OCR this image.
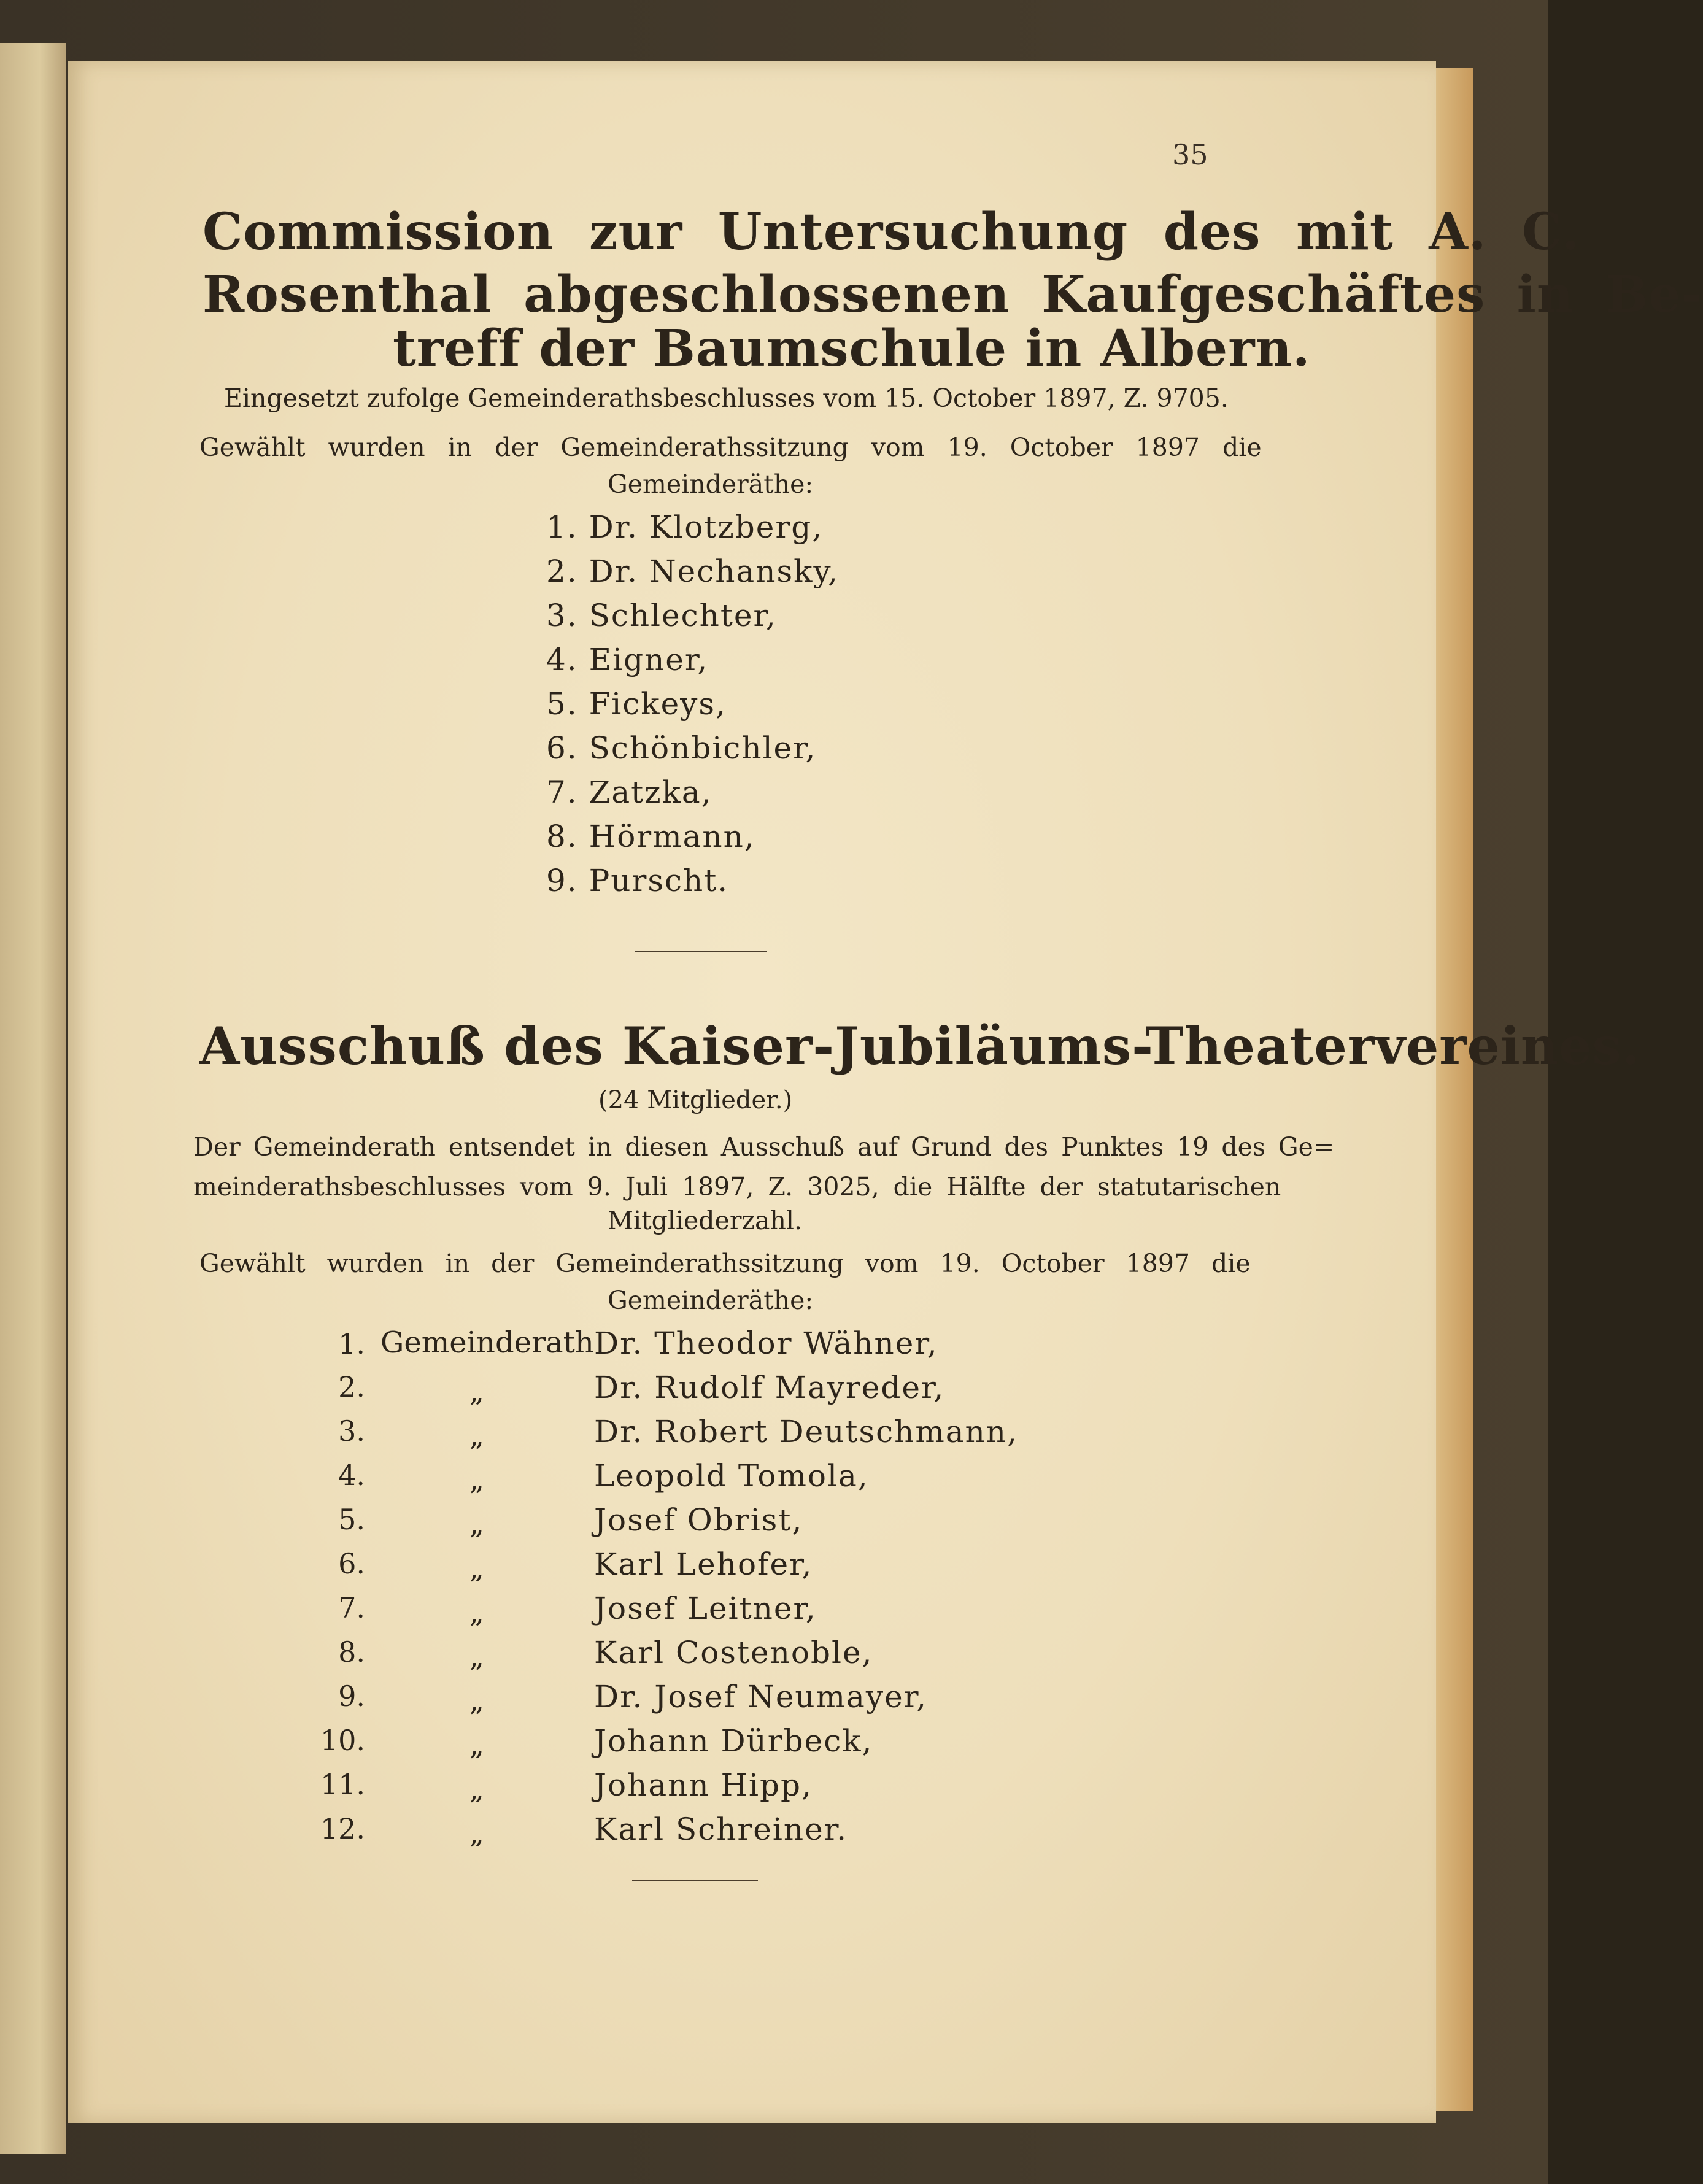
35
Commission zur Untersuchung des mit A. C.
Rosenthal abgeschlossenen Kaufgeschäftes in Be-
treff der Baumschule in Albern.
Eingesetzt zufolge Gemeinderathsbeschlusses vom 15. October 1897, Z. 9705.
Gewählt wurden in der Gemeinderathssitzung vom 19. October 1897 die
Gemeinderäthe:
1. Dr. Klotzberg,
2. Dr. Nechansky,
3. Schlechter,
4. Eigner,
5. Fickeys,
6. Schönbichler,
7. Zatzka,
8. Hörmann,
9. Purscht.
Ausschuß des Kaiser-Jubiläums-Theatervereines.
(24 Mitglieder.)
Der Gemeinderath entsendet in diesen Ausschuß auf Grund des Punktes 19 des Ge=
meinderathsbeschlusses vom 9. Juli 1897, Z. 3025, die Hälfte der statutarischen
Mitgliederzahl.
Gewählt wurden in der Gemeinderathssitzung vom 19. October 1897 die
Gemeinderäthe:
1. Gemeinderath Dr. Theodor Wähner,
2.	„	Dr. Rudolf Mayreder,
3.	„	Dr. Robert Deutschmann,
4.	„	Leopold Tomola,
5.	„	Josef Obrist,
6.	„	Karl Lehofer,
7.	„	Josef Leitner,
8.	„	Karl Costenoble,
9.	„	Dr. Josef Neumayer,
10.	„	Johann Dürbeck,
11.	„	Johann Hipp,
12.	„	Karl Schreiner.
